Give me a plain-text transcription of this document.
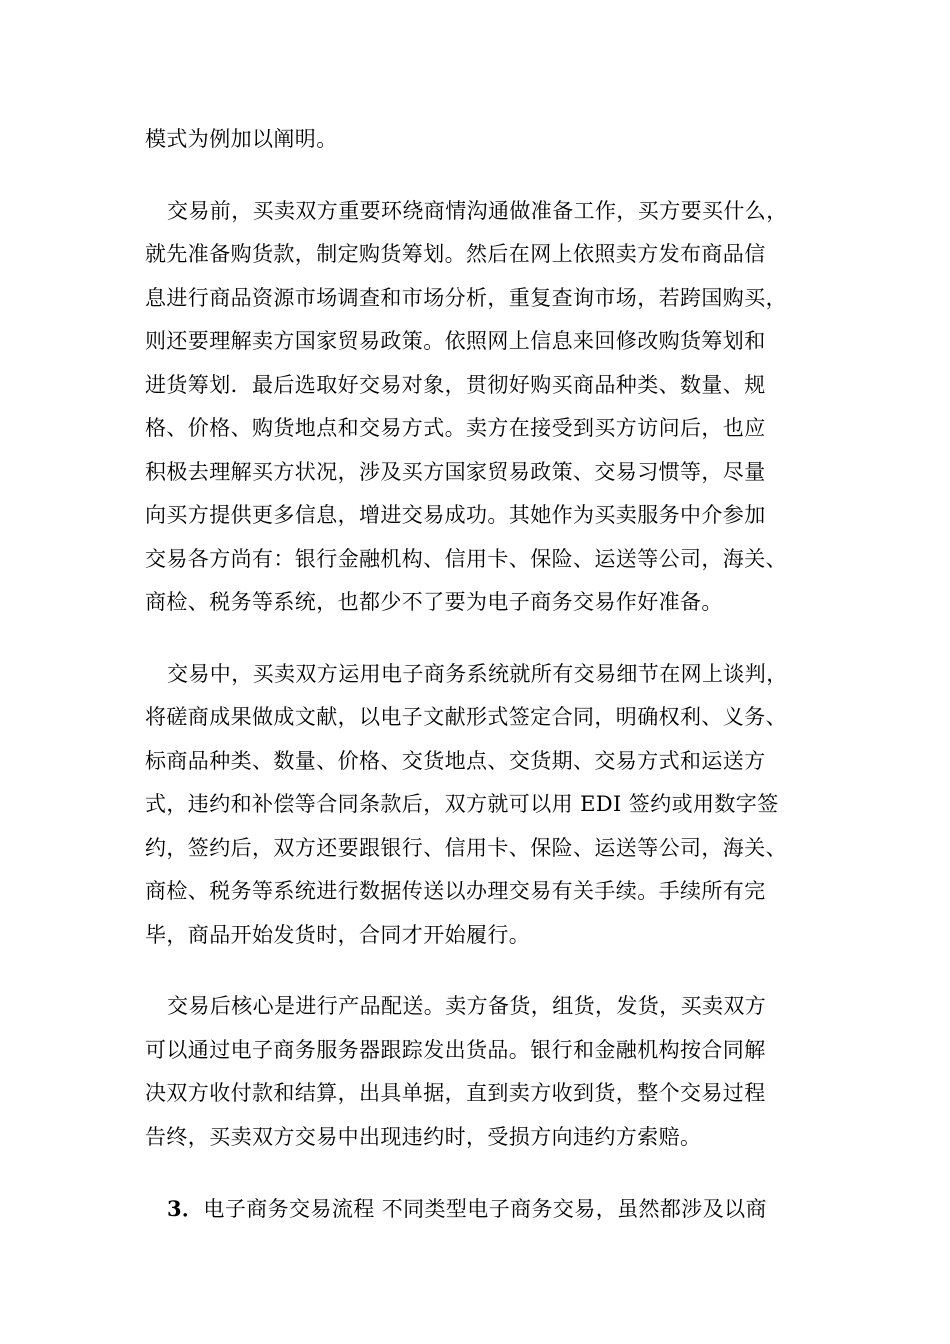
模式为例加以阐明。
交易前，买卖双方重要环绕商情沟通做准备工作，买方要买什么，
就先准备购货款，制定购货筹划。然后在网上依照卖方发布商品信
息进行商品资源市场调查和市场分析，重复查询市场，若跨国购买，
则还要理解卖方国家贸易政策。依照网上信息来回修改购货筹划和
进货筹划．最后选取好交易对象，贯彻好购买商品种类、数量、规
格、价格、购货地点和交易方式。卖方在接受到买方访问后，也应
积极去理解买方状况，涉及买方国家贸易政策、交易习惯等，尽量
向买方提供更多信息，增进交易成功。其她作为买卖服务中介参加
交易各方尚有：银行金融机构、信用卡、保险、运送等公司，海关、
商检、税务等系统，也都少不了要为电子商务交易作好准备。
交易中，买卖双方运用电子商务系统就所有交易细节在网上谈判，
将磋商成果做成文献，以电子文献形式签定合同，明确权利、义务、
标商品种类、数量、价格、交货地点、交货期、交易方式和运送方
式，违约和补偿等合同条款后，双方就可以用 EDI 签约或用数字签
约，签约后，双方还要跟银行、信用卡、保险、运送等公司，海关、
商检、税务等系统进行数据传送以办理交易有关手续。手续所有完
毕，商品开始发货时，合同才开始履行。
交易后核心是进行产品配送。卖方备货，组货，发货，买卖双方
可以通过电子商务服务器跟踪发出货品。银行和金融机构按合同解
决双方收付款和结算，出具单据，直到卖方收到货，整个交易过程
告终，买卖双方交易中出现违约时，受损方向违约方索赔。
3．电子商务交易流程 不同类型电子商务交易，虽然都涉及以商
